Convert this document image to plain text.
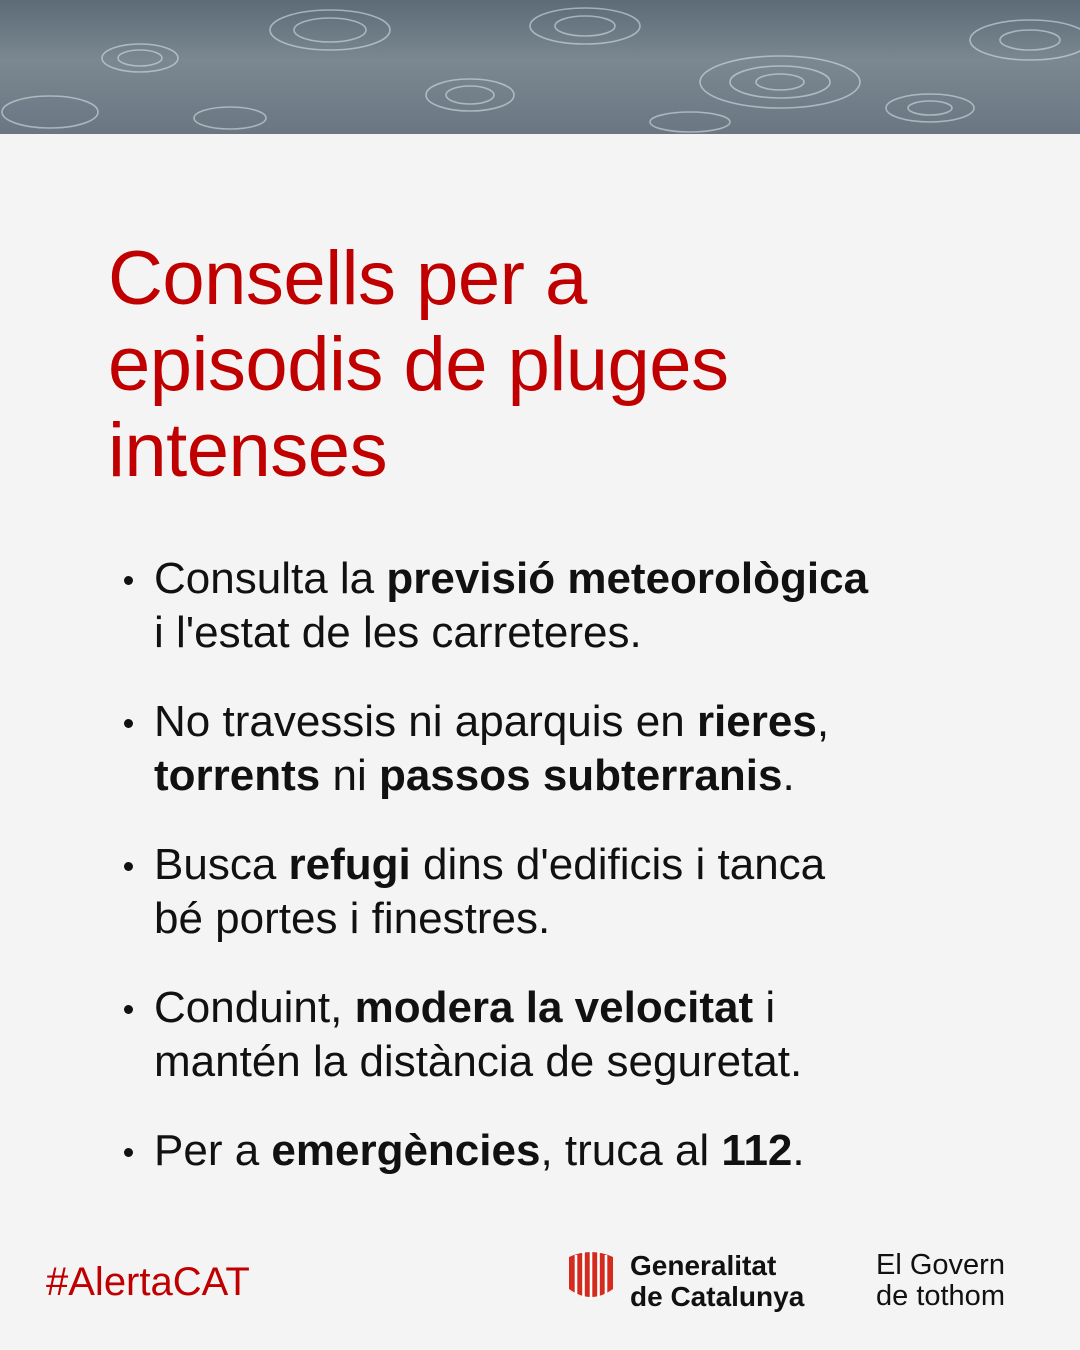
Consells per a
episodis de pluges
intenses
Consulta la previsió meteorològica
i l'estat de les carreteres.
No travessis ni aparquis en rieres,
torrents ni passos subterranis.
Busca refugi dins d'edificis i tanca
bé portes i finestres.
Conduint, modera la velocitat i
mantén la distància de seguretat.
Per a emergències, truca al 112.
#AlertaCAT	Generalitat
de Catalunya
El Govern
de tothom
